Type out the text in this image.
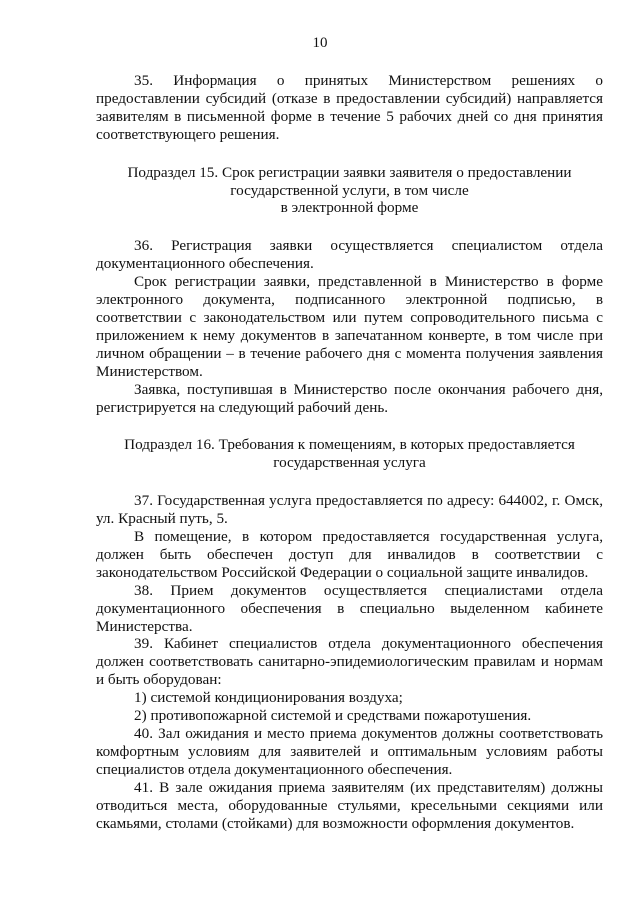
10

35. Информация о принятых Министерством решениях о предоставлении субсидий (отказе в предоставлении субсидий) направляется заявителям в письменной форме в течение 5 рабочих дней со дня принятия соответствующего решения.

Подраздел 15. Срок регистрации заявки заявителя о предоставлении

государственной услуги, в том числе

в электронной форме

36. Регистрация заявки осуществляется специалистом отдела документационного обеспечения.

Срок регистрации заявки, представленной в Министерство в форме электронного документа, подписанного электронной подписью, в соответствии с законодательством или путем сопроводительного письма с приложением к нему документов в запечатанном конверте, в том числе при личном обращении – в течение рабочего дня с момента получения заявления Министерством.

Заявка, поступившая в Министерство после окончания рабочего дня, регистрируется на следующий рабочий день.

Подраздел 16. Требования к помещениям, в которых предоставляется

государственная услуга

37. Государственная услуга предоставляется по адресу: 644002, г. Омск, ул. Красный путь, 5.

В помещение, в котором предоставляется государственная услуга, должен быть обеспечен доступ для инвалидов в соответствии с законодательством Российской Федерации о социальной защите инвалидов.

38. Прием документов осуществляется специалистами отдела документационного обеспечения в специально выделенном кабинете Министерства.

39. Кабинет специалистов отдела документационного обеспечения должен соответствовать санитарно-эпидемиологическим правилам и нормам и быть оборудован:

1) системой кондиционирования воздуха;

2) противопожарной системой и средствами пожаротушения.

40. Зал ожидания и место приема документов должны соответствовать комфортным условиям для заявителей и оптимальным условиям работы специалистов отдела документационного обеспечения.

41. В зале ожидания приема заявителям (их представителям) должны отводиться места, оборудованные стульями, кресельными секциями или скамьями, столами (стойками) для возможности оформления документов.
